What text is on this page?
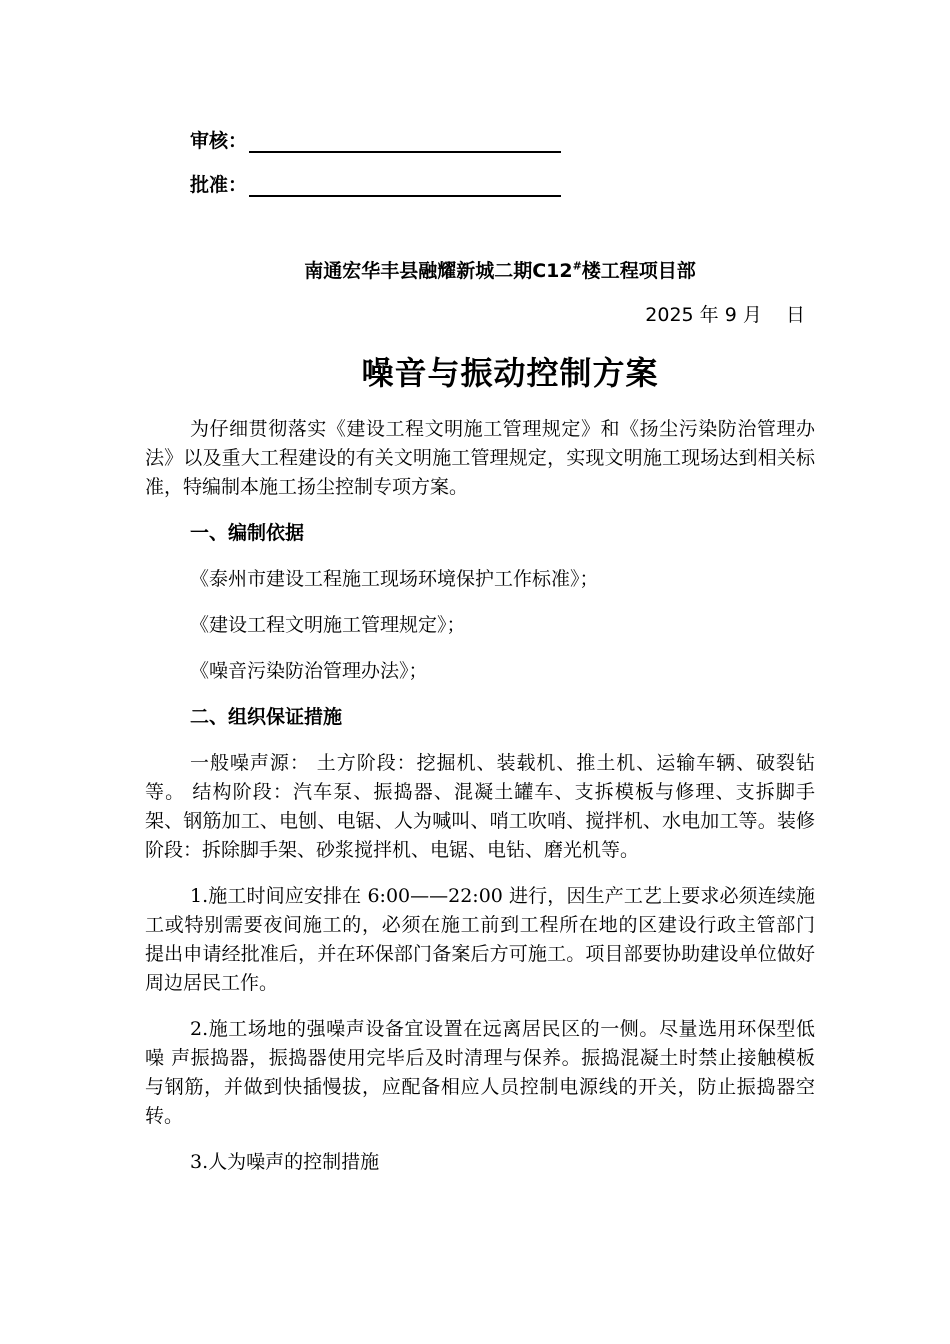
审核：
批准：
南通宏华丰县融耀新城二期C12#楼工程项目部
2025 年 9 月    日
噪音与振动控制方案

为仔细贯彻落实《建设工程文明施工管理规定》和《扬尘污染防治管理办法》以及重大工程建设的有关文明施工管理规定，实现文明施工现场达到相关标准，特编制本施工扬尘控制专项方案。

一、编制依据

《泰州市建设工程施工现场环境保护工作标准》；

《建设工程文明施工管理规定》；

《噪音污染防治管理办法》；

二、组织保证措施

一般噪声源： 土方阶段：挖掘机、装载机、推土机、运输车辆、破裂钻等。 结构阶段：汽车泵、振捣器、混凝土罐车、支拆模板与修理、支拆脚手架、钢筋加工、电刨、电锯、人为喊叫、哨工吹哨、搅拌机、水电加工等。装修阶段：拆除脚手架、砂浆搅拌机、电锯、电钻、磨光机等。

1.施工时间应安排在 6:00——22:00 进行，因生产工艺上要求必须连续施工或特别需要夜间施工的，必须在施工前到工程所在地的区建设行政主管部门 提出申请经批准后，并在环保部门备案后方可施工。项目部要协助建设单位做好 周边居民工作。

2.施工场地的强噪声设备宜设置在远离居民区的一侧。尽量选用环保型低噪 声振捣器，振捣器使用完毕后及时清理与保养。振捣混凝土时禁止接触模板与钢筋，并做到快插慢拔，应配备相应人员控制电源线的开关，防止振捣器空转。

3.人为噪声的控制措施
